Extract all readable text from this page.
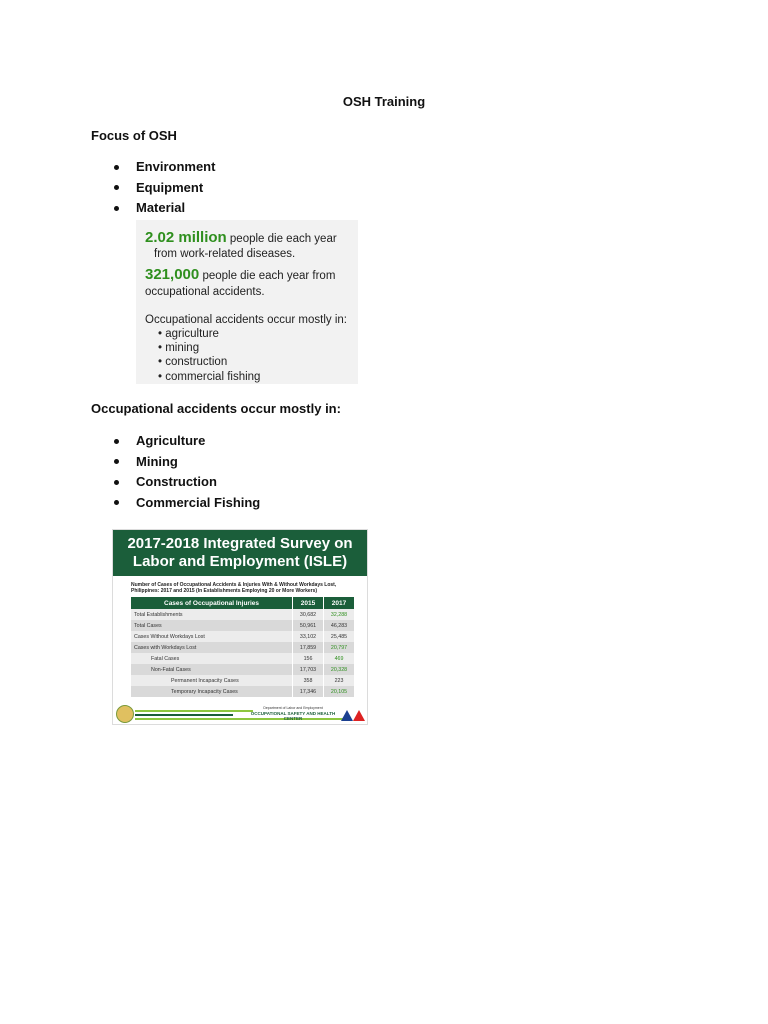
OSH Training
Focus of OSH
Environment
Equipment
Material
2.02 million people die each year
from work-related diseases.
321,000 people die each year from
occupational accidents.
Occupational accidents occur mostly in:
• agriculture
• mining
• construction
• commercial fishing
Occupational accidents occur mostly in:
Agriculture
Mining
Construction
Commercial Fishing
2017-2018 Integrated Survey on
Labor and Employment (ISLE)
Number of Cases of Occupational Accidents & Injuries With & Without Workdays Lost,
Philippines: 2017 and 2015 (In Establishments Employing 20 or More Workers)
Cases of Occupational Injuries	2015	2017
Total Establishments	30,682	32,288
Total Cases	50,961	46,283
Cases Without Workdays Lost	33,102	25,485
Cases with Workdays Lost	17,859	20,797
Fatal Cases	156	469
Non-Fatal Cases	17,703	20,328
Permanent Incapacity Cases	358	223
Temporary Incapacity Cases	17,346	20,105
Department of Labor and Employment
OCCUPATIONAL SAFETY AND HEALTH
CENTER
